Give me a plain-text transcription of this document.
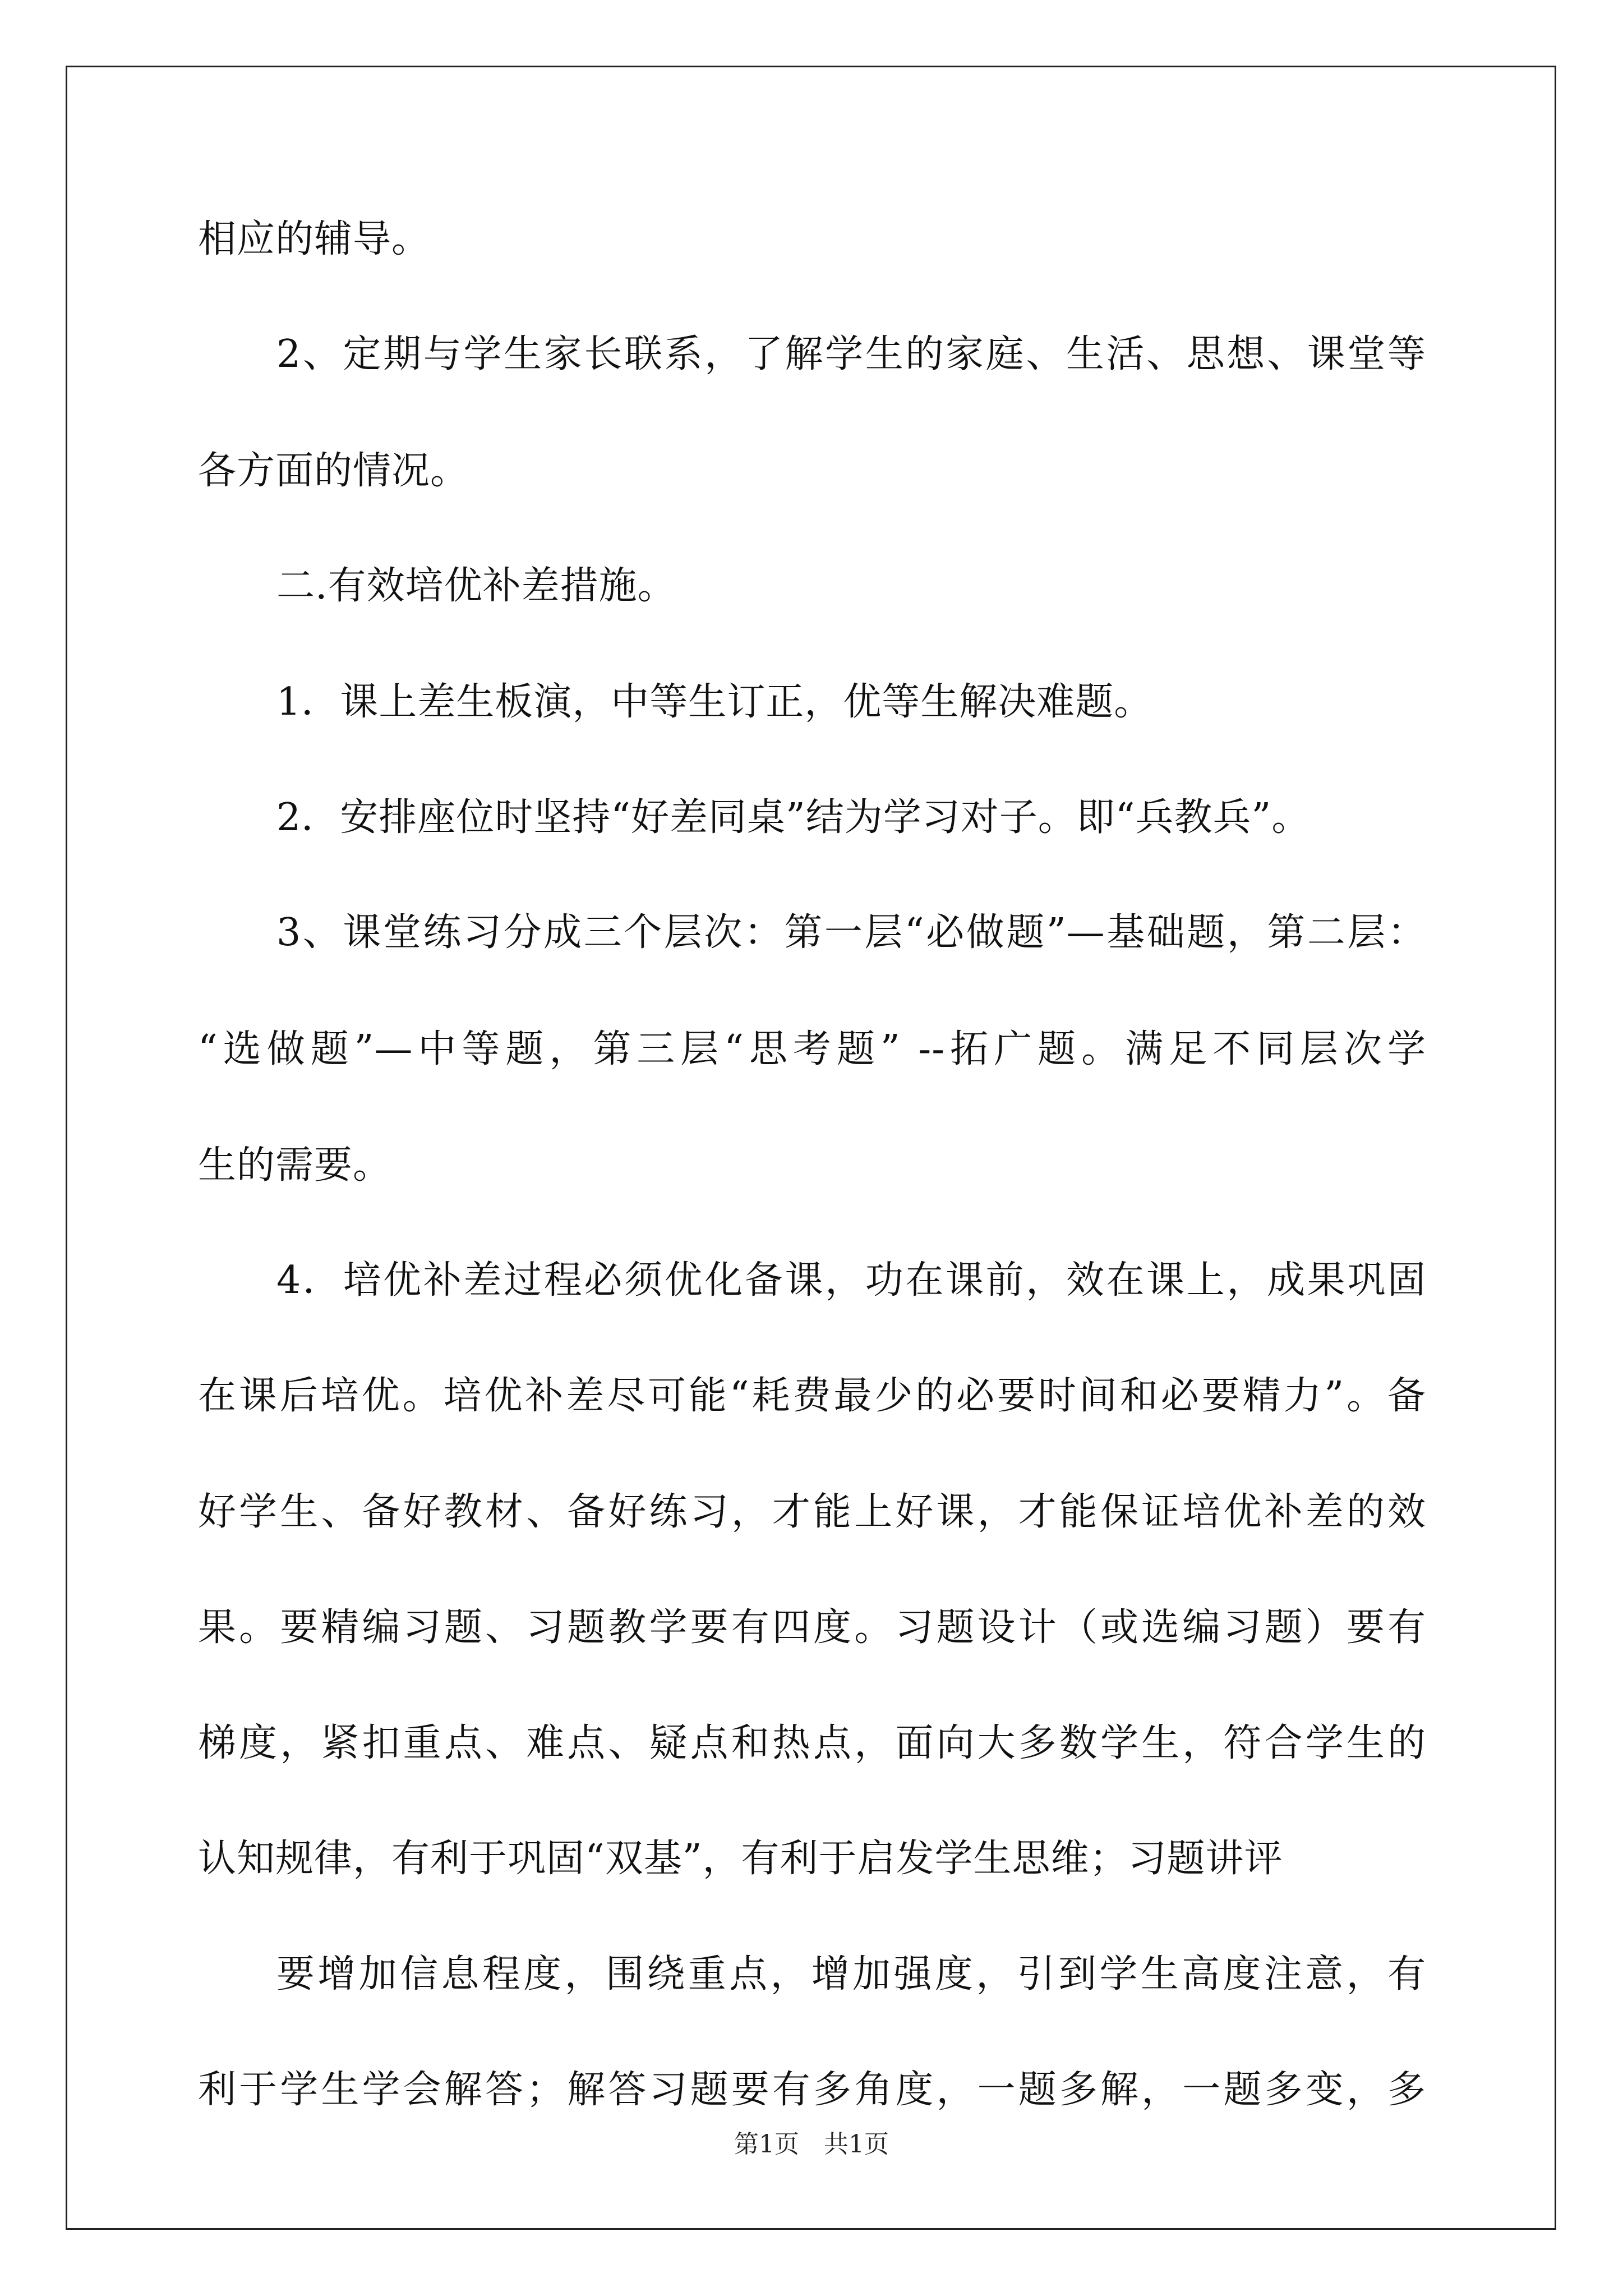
相应的辅导。
2、定期与学生家长联系，了解学生的家庭、生活、思想、课堂等
各方面的情况。
二.有效培优补差措施。
1．课上差生板演，中等生订正，优等生解决难题。
2．安排座位时坚持“好差同桌”结为学习对子。即“兵教兵”。
3、课堂练习分成三个层次：第一层“必做题”—基础题，第二层：
“选做题”—中等题，第三层“思考题” --拓广题。满足不同层次学
生的需要。
4．培优补差过程必须优化备课，功在课前，效在课上，成果巩固
在课后培优。培优补差尽可能“耗费最少的必要时间和必要精力”。备
好学生、备好教材、备好练习，才能上好课，才能保证培优补差的效
果。要精编习题、习题教学要有四度。习题设计（或选编习题）要有
梯度，紧扣重点、难点、疑点和热点，面向大多数学生，符合学生的
认知规律，有利于巩固“双基”，有利于启发学生思维；习题讲评
要增加信息程度，围绕重点，增加强度，引到学生高度注意，有
利于学生学会解答；解答习题要有多角度，一题多解，一题多变，多
第1页 共1页
